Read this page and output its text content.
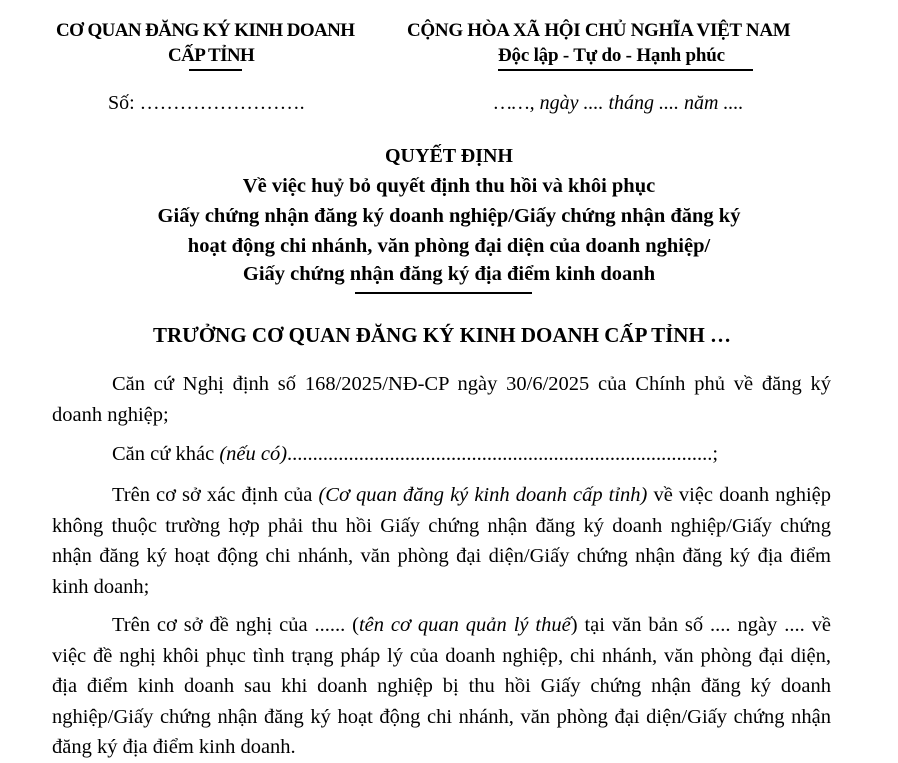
CƠ QUAN ĐĂNG KÝ KINH DOANH
CẤP TỈNH
Số: …………………….
CỘNG HÒA XÃ HỘI CHỦ NGHĨA VIỆT NAM
Độc lập - Tự do - Hạnh phúc
……, ngày .... tháng .... năm ....
QUYẾT ĐỊNH
Về việc huỷ bỏ quyết định thu hồi và khôi phục
Giấy chứng nhận đăng ký doanh nghiệp/Giấy chứng nhận đăng ký
hoạt động chi nhánh, văn phòng đại diện của doanh nghiệp/
Giấy chứng nhận đăng ký địa điểm kinh doanh
TRƯỞNG CƠ QUAN ĐĂNG KÝ KINH DOANH CẤP TỈNH …
Căn cứ Nghị định số 168/2025/NĐ-CP ngày 30/6/2025 của Chính phủ về đăng ký doanh nghiệp;
Căn cứ khác (nếu có)...................................................................................;
Trên cơ sở xác định của (Cơ quan đăng ký kinh doanh cấp tỉnh) về việc doanh nghiệp không thuộc trường hợp phải thu hồi Giấy chứng nhận đăng ký doanh nghiệp/Giấy chứng nhận đăng ký hoạt động chi nhánh, văn phòng đại diện/Giấy chứng nhận đăng ký địa điểm kinh doanh;
Trên cơ sở đề nghị của ...... (tên cơ quan quản lý thuế) tại văn bản số .... ngày .... về việc đề nghị khôi phục tình trạng pháp lý của doanh nghiệp, chi nhánh, văn phòng đại diện, địa điểm kinh doanh sau khi doanh nghiệp bị thu hồi Giấy chứng nhận đăng ký doanh nghiệp/Giấy chứng nhận đăng ký hoạt động chi nhánh, văn phòng đại diện/Giấy chứng nhận đăng ký địa điểm kinh doanh.
